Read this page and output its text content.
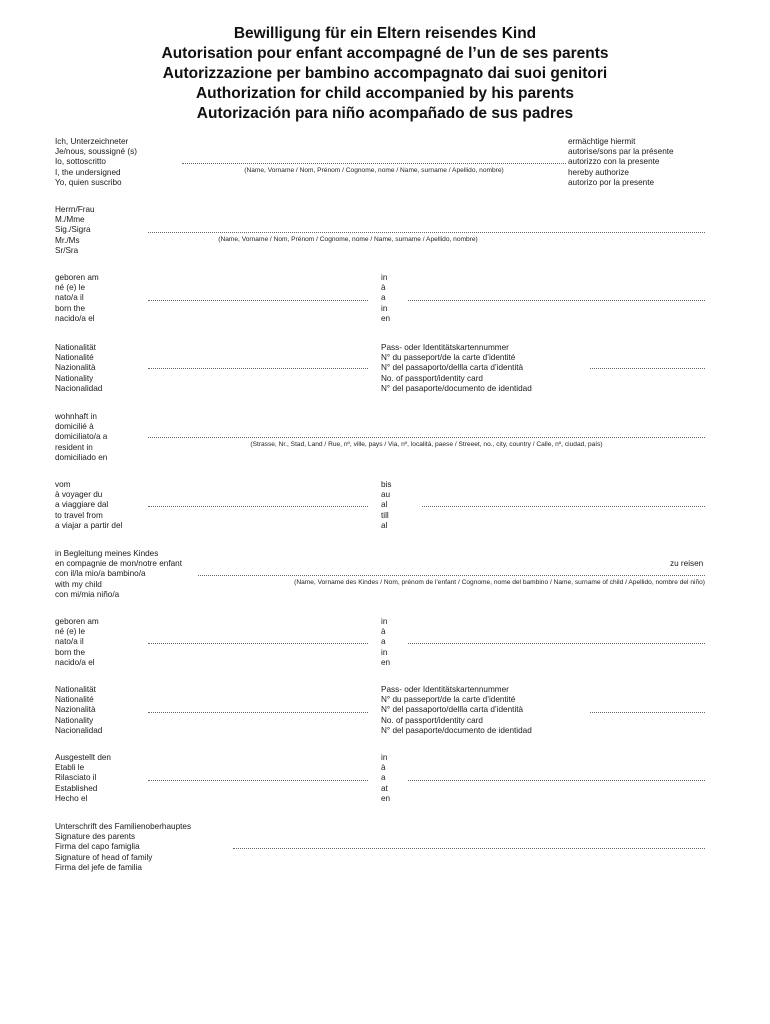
Bewilligung für ein Eltern reisendes Kind
Autorisation pour enfant accompagné de l’un de ses parents
Autorizzazione per bambino accompagnato dai suoi genitori
Authorization for child accompanied by his parents
Autorización para niño acompañado de sus padres
Ich, Unterzeichneter
Je/nous, soussigné (s)
Io, sottoscritto
I, the undersigned
Yo, quien suscribo
(Name, Vorname / Nom, Prénom / Cognome, nome / Name, surname / Apellido, nombre)
ermächtige hiermit
autorise/sons par la présente
autorizzo con la presente
hereby authorize
autorizo por la presente
Herrn/Frau
M./Mme
Sig./Sigra
Mr./Ms
Sr/Sra
(Name, Vorname / Nom, Prénom / Cognome, nome / Name, surname / Apellido, nombre)
geboren am
né (e) le
nato/a il
born the
nacido/a el
in
à
a
in
en
Nationalität
Nationalité
Nazionalità
Nationality
Nacionalidad
Pass- oder Identitätskartennummer
N° du passeport/de la carte d’identité
N° del passaporto/dellla carta d’identità
No. of passport/identity card
N° del pasaporte/documento de identidad
wohnhaft in
domicilié à
domiciliato/a a
resident in
domiciliado en
(Strasse, Nr., Stad, Land / Rue, nº, ville, pays / Via, nº, località, paese / Streeet, no., city, country / Calle, nº, ciudad, país)
vom
à voyager du
a viaggiare dal
to travel from
a viajar a partir del
bis
au
al
till
al
in Begleitung meines Kindes
en compagnie de mon/notre enfant
con il/la mio/a bambino/a
with my child
con mi/mia niño/a
zu reisen
(Name, Vorname des Kindes / Nom, prénom de l’enfant / Cognome, nome del bambino / Name, surname of child / Apellido, nombre del niño)
geboren am
né (e) le
nato/a il
born the
nacido/a el
in
à
a
in
en
Nationalität
Nationalité
Nazionalità
Nationality
Nacionalidad
Pass- oder Identitätskartennummer
N° du passeport/de la carte d’identité
N° del passaporto/dellla carta d’identità
No. of passport/identity card
N° del pasaporte/documento de identidad
Ausgestellt den
Etabli le
Rilasciato il
Established
Hecho el
in
à
a
at
en
Unterschrift des Familienoberhauptes
Signature des parents
Firma del capo famiglia
Signature of head of family
Firma del jefe de familia
